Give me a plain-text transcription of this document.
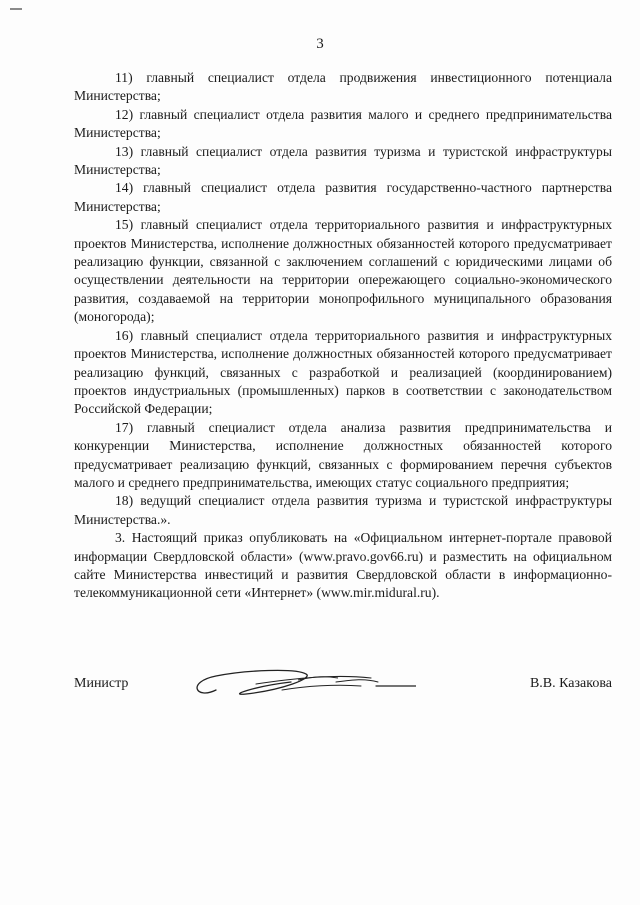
3

11) главный специалист отдела продвижения инвестиционного потенциала Министерства;

12) главный специалист отдела развития малого и среднего предпринимательства Министерства;

13) главный специалист отдела развития туризма и туристской инфраструктуры Министерства;

14) главный специалист отдела развития государственно-частного партнерства Министерства;

15) главный специалист отдела территориального развития и инфраструктурных проектов Министерства, исполнение должностных обязанностей которого предусматривает реализацию функции, связанной с заключением соглашений с юридическими лицами об осуществлении деятельности на территории опережающего социально-экономического развития, создаваемой на территории монопрофильного муниципального образования (моногорода);

16) главный специалист отдела территориального развития и инфраструктурных проектов Министерства, исполнение должностных обязанностей которого предусматривает реализацию функций, связанных с разработкой и реализацией (координированием) проектов индустриальных (промышленных) парков в соответствии с законодательством Российской Федерации;

17) главный специалист отдела анализа развития предпринимательства и конкуренции Министерства, исполнение должностных обязанностей которого предусматривает реализацию функций, связанных с формированием перечня субъектов малого и среднего предпринимательства, имеющих статус социального предприятия;

18) ведущий специалист отдела развития туризма и туристской инфраструктуры Министерства.».

3. Настоящий приказ опубликовать на «Официальном интернет-портале правовой информации Свердловской области» (www.pravo.gov66.ru) и разместить на официальном сайте Министерства инвестиций и развития Свердловской области в информационно-телекоммуникационной сети «Интернет» (www.mir.midural.ru).

Министр	В.В. Казакова
